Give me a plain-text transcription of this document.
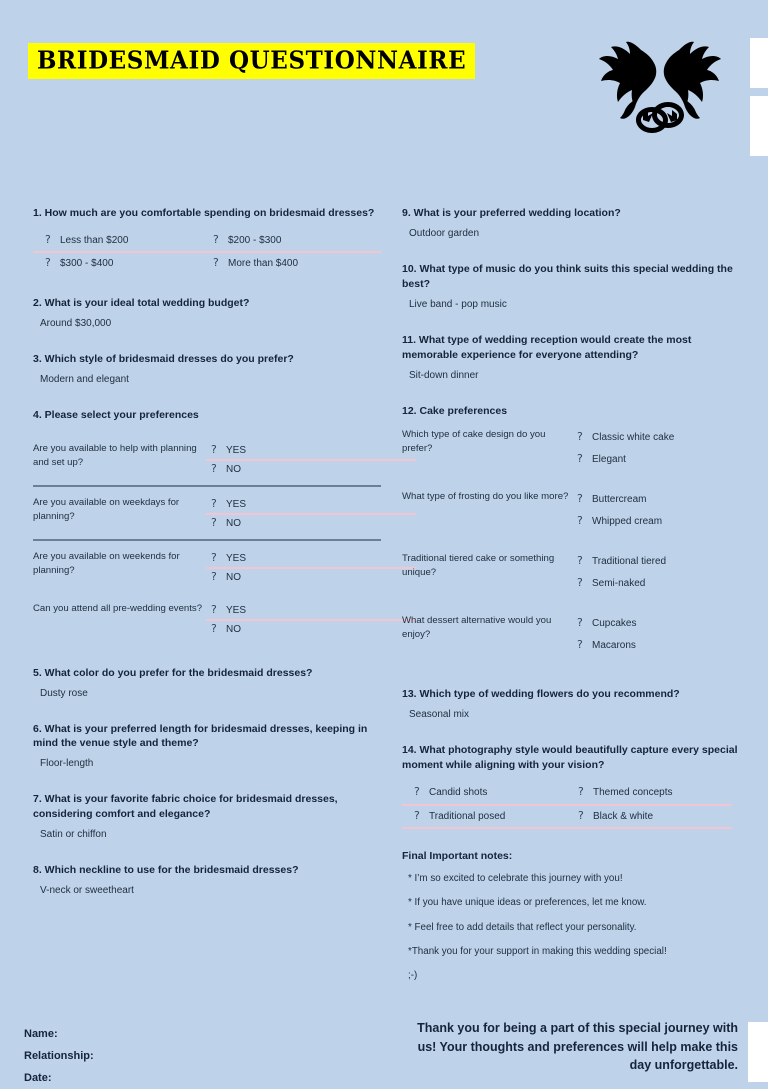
BRIDESMAID QUESTIONNAIRE

1. How much are you comfortable spending on bridesmaid dresses?

? Less than $200	? $200 - $300
? $300 - $400	? More than $400

2. What is your ideal total wedding budget?

Around $30,000

3. Which style of bridesmaid dresses do you prefer?

Modern and elegant

4. Please select your preferences

Are you available to help with planning and set up?
? YES
? NO
Are you available on weekdays for planning?
? YES
? NO
Are you available on weekends for planning?
? YES
? NO
Can you attend all pre-wedding events? ? YES
? NO

5. What color do you prefer for the bridesmaid dresses?

Dusty rose

6. What is your preferred length for bridesmaid dresses, keeping in mind the venue style and theme?

Floor-length

7. What is your favorite fabric choice for bridesmaid dresses, considering comfort and elegance?

Satin or chiffon

8. Which neckline to use for the bridesmaid dresses?

V-neck or sweetheart

9. What is your preferred wedding location?

Outdoor garden

10. What type of music do you think suits this special wedding the best?

Live band - pop music

11. What type of wedding reception would create the most memorable experience for everyone attending?

Sit-down dinner

12. Cake preferences

Which type of cake design do you prefer?
? Classic white cake
? Elegant
What type of frosting do you like more? ? Buttercream
? Whipped cream
Traditional tiered cake or something unique?
? Traditional tiered
? Semi-naked
What dessert alternative would you enjoy?
? Cupcakes
? Macarons

13. Which type of wedding flowers do you recommend?

Seasonal mix

14. What photography style would beautifully capture every special moment while aligning with your vision?

? Candid shots	? Themed concepts
? Traditional posed	? Black & white

Final Important notes:

* I’m so excited to celebrate this journey with you!

* If you have unique ideas or preferences, let me know.

* Feel free to add details that reflect your personality.

*Thank you for your support in making this wedding special!

;-)

Name:
Relationship:
Date:
Thank you for being a part of this special journey with us! Your thoughts and preferences will help make this day unforgettable.
